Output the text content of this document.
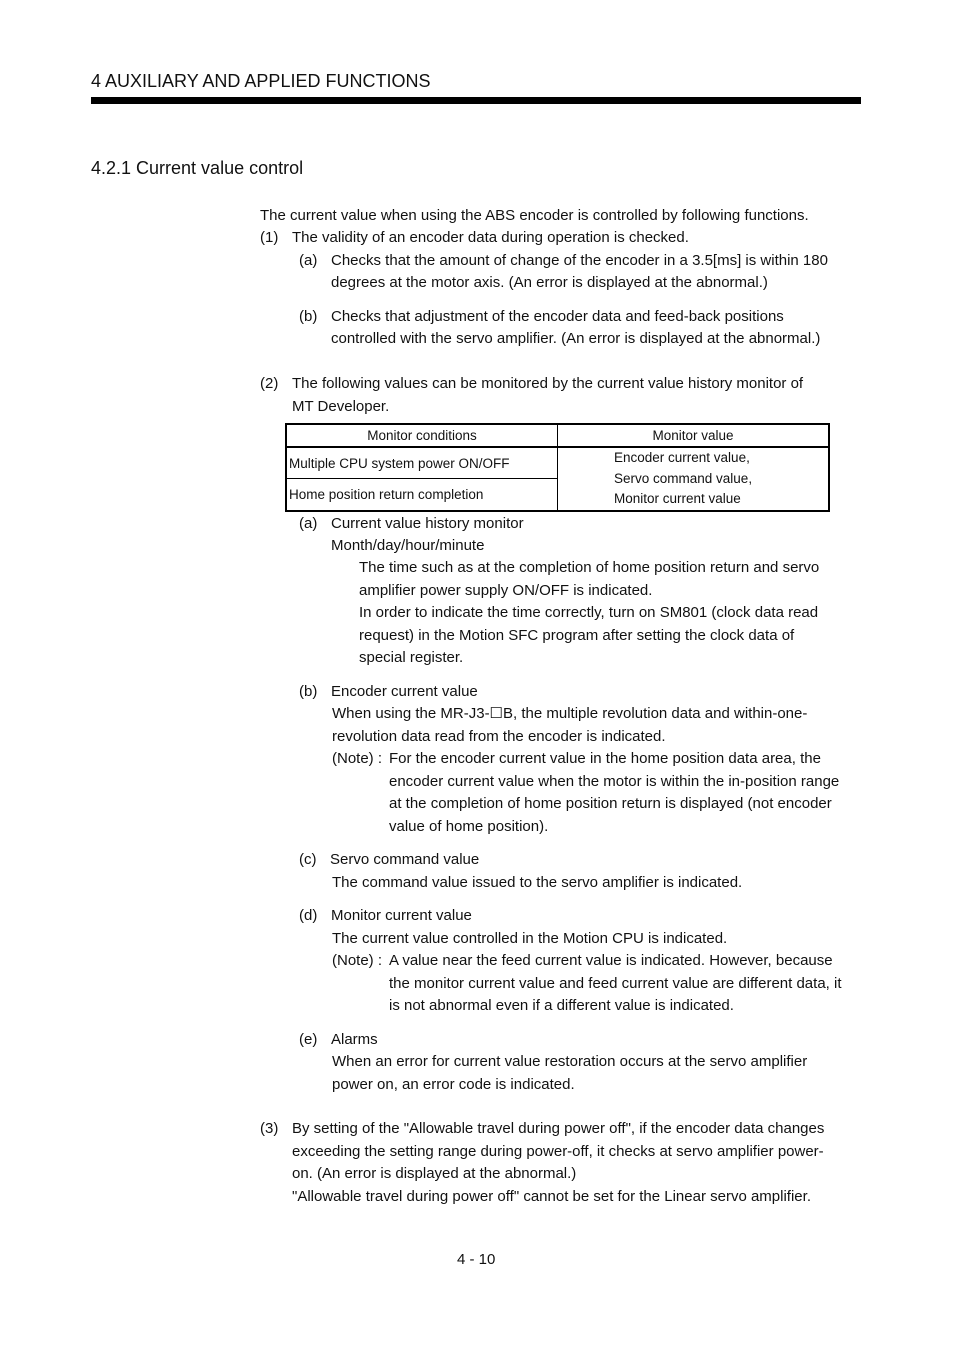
4 AUXILIARY AND APPLIED FUNCTIONS
4.2.1 Current value control
The current value when using the ABS encoder is controlled by following functions.
(1) The validity of an encoder data during operation is checked.
(a) Checks that the amount of change of the encoder in a 3.5[ms] is within 180
degrees at the motor axis. (An error is displayed at the abnormal.)
(b) Checks that adjustment of the encoder data and feed-back positions
controlled with the servo amplifier. (An error is displayed at the abnormal.)
(2) The following values can be monitored by the current value history monitor of
MT Developer.
Monitor conditions	Monitor value
Multiple CPU system power ON/OFF	Encoder current value,
Servo command value,
Monitor current value

Home position return completion	
(a) Current value history monitor
Month/day/hour/minute
The time such as at the completion of home position return and servo
amplifier power supply ON/OFF is indicated.
In order to indicate the time correctly, turn on SM801 (clock data read
request) in the Motion SFC program after setting the clock data of
special register.
(b) Encoder current value
When using the MR-J3-☐B, the multiple revolution data and within-one-
revolution data read from the encoder is indicated.
(Note) : For the encoder current value in the home position data area, the
encoder current value when the motor is within the in-position range
at the completion of home position return is displayed (not encoder
value of home position).
(c) Servo command value
The command value issued to the servo amplifier is indicated.
(d) Monitor current value
The current value controlled in the Motion CPU is indicated.
(Note) : A value near the feed current value is indicated. However, because
the monitor current value and feed current value are different data, it
is not abnormal even if a different value is indicated.
(e) Alarms
When an error for current value restoration occurs at the servo amplifier
power on, an error code is indicated.
(3) By setting of the "Allowable travel during power off", if the encoder data changes
exceeding the setting range during power-off, it checks at servo amplifier power-
on. (An error is displayed at the abnormal.)
"Allowable travel during power off" cannot be set for the Linear servo amplifier.
4 - 10
